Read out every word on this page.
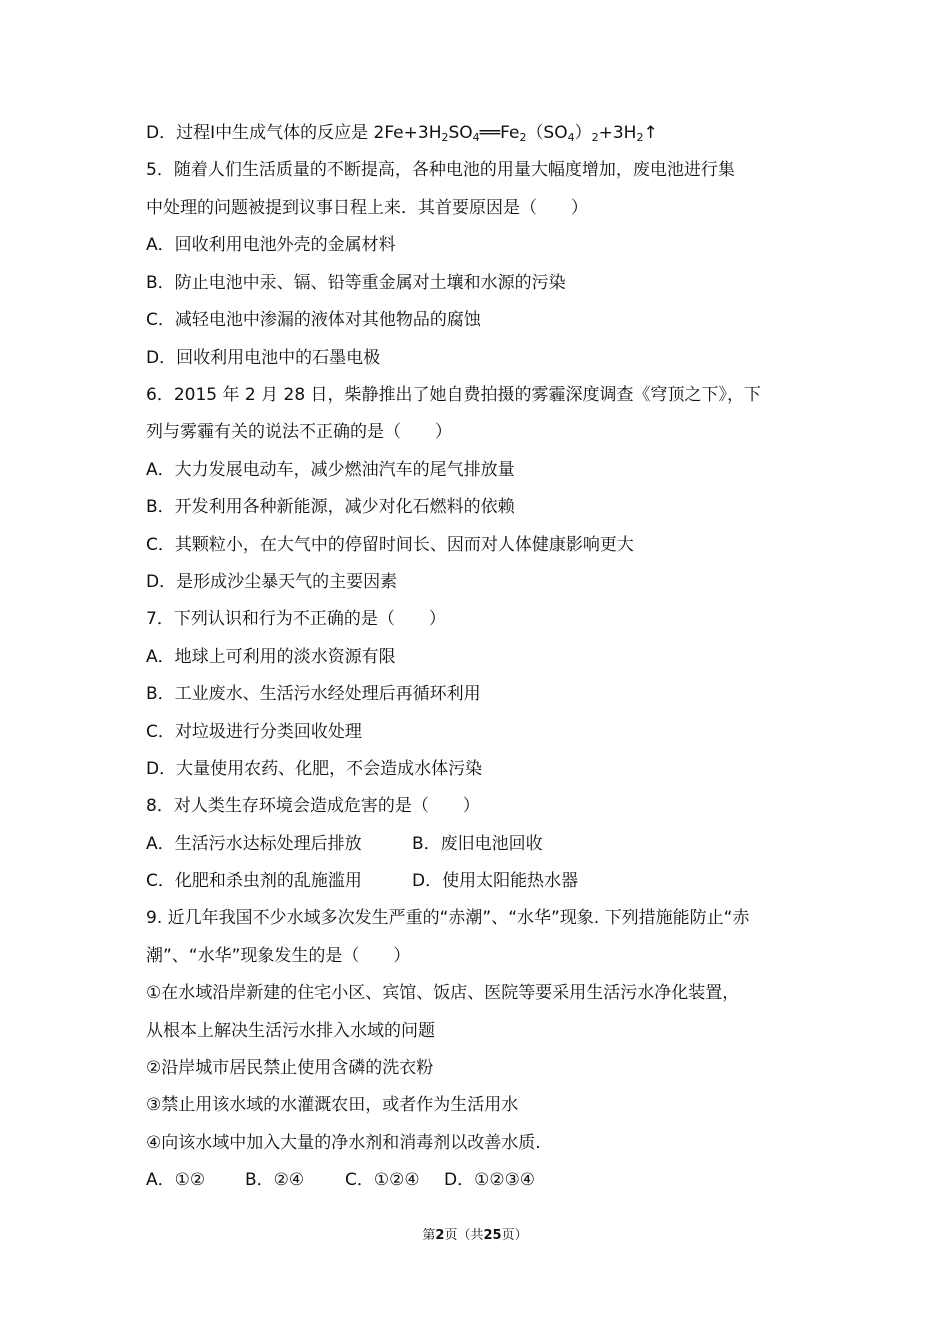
D．过程Ⅰ中生成气体的反应是 $2Fe+3H_2SO_4══Fe_2(SO_4)_2+3H_2↑$
5．随着人们生活质量的不断提高，各种电池的用量大幅度增加，废电池进行集
中处理的问题被提到议事日程上来．其首要原因是（　　）
A．回收利用电池外壳的金属材料
B．防止电池中汞、镉、铅等重金属对土壤和水源的污染
C．减轻电池中渗漏的液体对其他物品的腐蚀
D．回收利用电池中的石墨电极
6．2015 年 2 月 28 日，柴静推出了她自费拍摄的雾霾深度调查《穹顶之下》，下
列与雾霾有关的说法不正确的是（　　）
A．大力发展电动车，减少燃油汽车的尾气排放量
B．开发利用各种新能源，减少对化石燃料的依赖
C．其颗粒小，在大气中的停留时间长、因而对人体健康影响更大
D．是形成沙尘暴天气的主要因素
7．下列认识和行为不正确的是（　　）
A．地球上可利用的淡水资源有限
B．工业废水、生活污水经处理后再循环利用
C．对垃圾进行分类回收处理
D．大量使用农药、化肥，不会造成水体污染
8．对人类生存环境会造成危害的是（　　）
A．生活污水达标处理后排放	B．废旧电池回收
C．化肥和杀虫剂的乱施滥用	D．使用太阳能热水器
9. 近几年我国不少水域多次发生严重的“赤潮”、“水华”现象. 下列措施能防止“赤
潮”、“水华”现象发生的是（　　）
①在水域沿岸新建的住宅小区、宾馆、饭店、医院等要采用生活污水净化装置，
从根本上解决生活污水排入水域的问题
②沿岸城市居民禁止使用含磷的洗衣粉
③禁止用该水域的水灌溉农田，或者作为生活用水
④向该水域中加入大量的净水剂和消毒剂以改善水质.
A．①② B．②④ C．①②④ D．①②③④
第2页（共25页）
